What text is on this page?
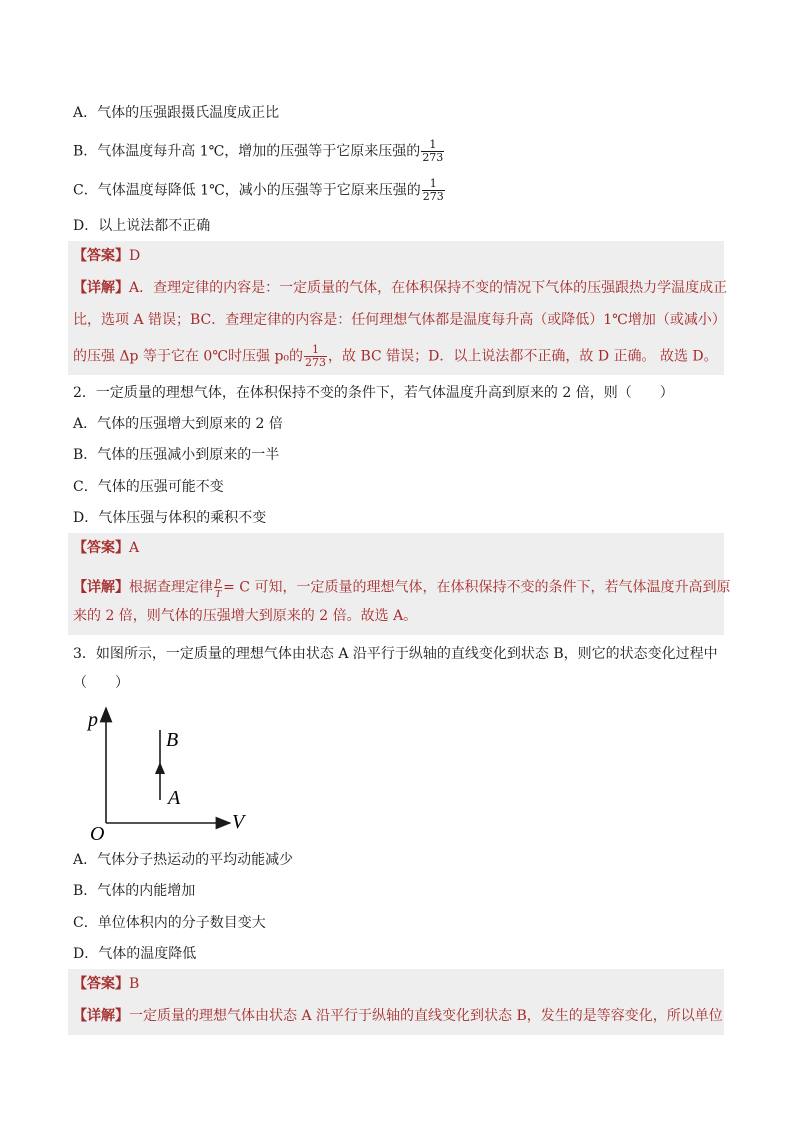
A．气体的压强跟摄氏温度成正比
B．气体温度每升高 1℃，增加的压强等于它原来压强的 $\frac{1}{273}$
C．气体温度每降低 1℃，减小的压强等于它原来压强的 $\frac{1}{273}$
D．以上说法都不正确
【答案】D
【详解】A．查理定律的内容是：一定质量的气体，在体积保持不变的情况下气体的压强跟热力学温度成正
比，选项 A 错误；BC．查理定律的内容是：任何理想气体都是温度每升高（或降低）1℃增加（或减小）
的压强 Δp 等于它在 0℃时压强 p₀的 $\frac{1}{273}$ ，故 BC 错误；D．以上说法都不正确，故 D 正确。 故选 D。
2．一定质量的理想气体，在体积保持不变的条件下，若气体温度升高到原来的 2 倍，则（　　）
A．气体的压强增大到原来的 2 倍
B．气体的压强减小到原来的一半
C．气体的压强可能不变
D．气体压强与体积的乘积不变
【答案】A
【详解】根据查理定律 $\frac{p}{T} = C$ 可知，一定质量的理想气体，在体积保持不变的条件下，若气体温度升高到原
来的 2 倍，则气体的压强增大到原来的 2 倍。故选 A。
3．如图所示，一定质量的理想气体由状态 A 沿平行于纵轴的直线变化到状态 B，则它的状态变化过程中
（　　）
p
V
O
A
B
A．气体分子热运动的平均动能减少
B．气体的内能增加
C．单位体积内的分子数目变大
D．气体的温度降低
【答案】B
【详解】一定质量的理想气体由状态 A 沿平行于纵轴的直线变化到状态 B，发生的是等容变化，所以单位
